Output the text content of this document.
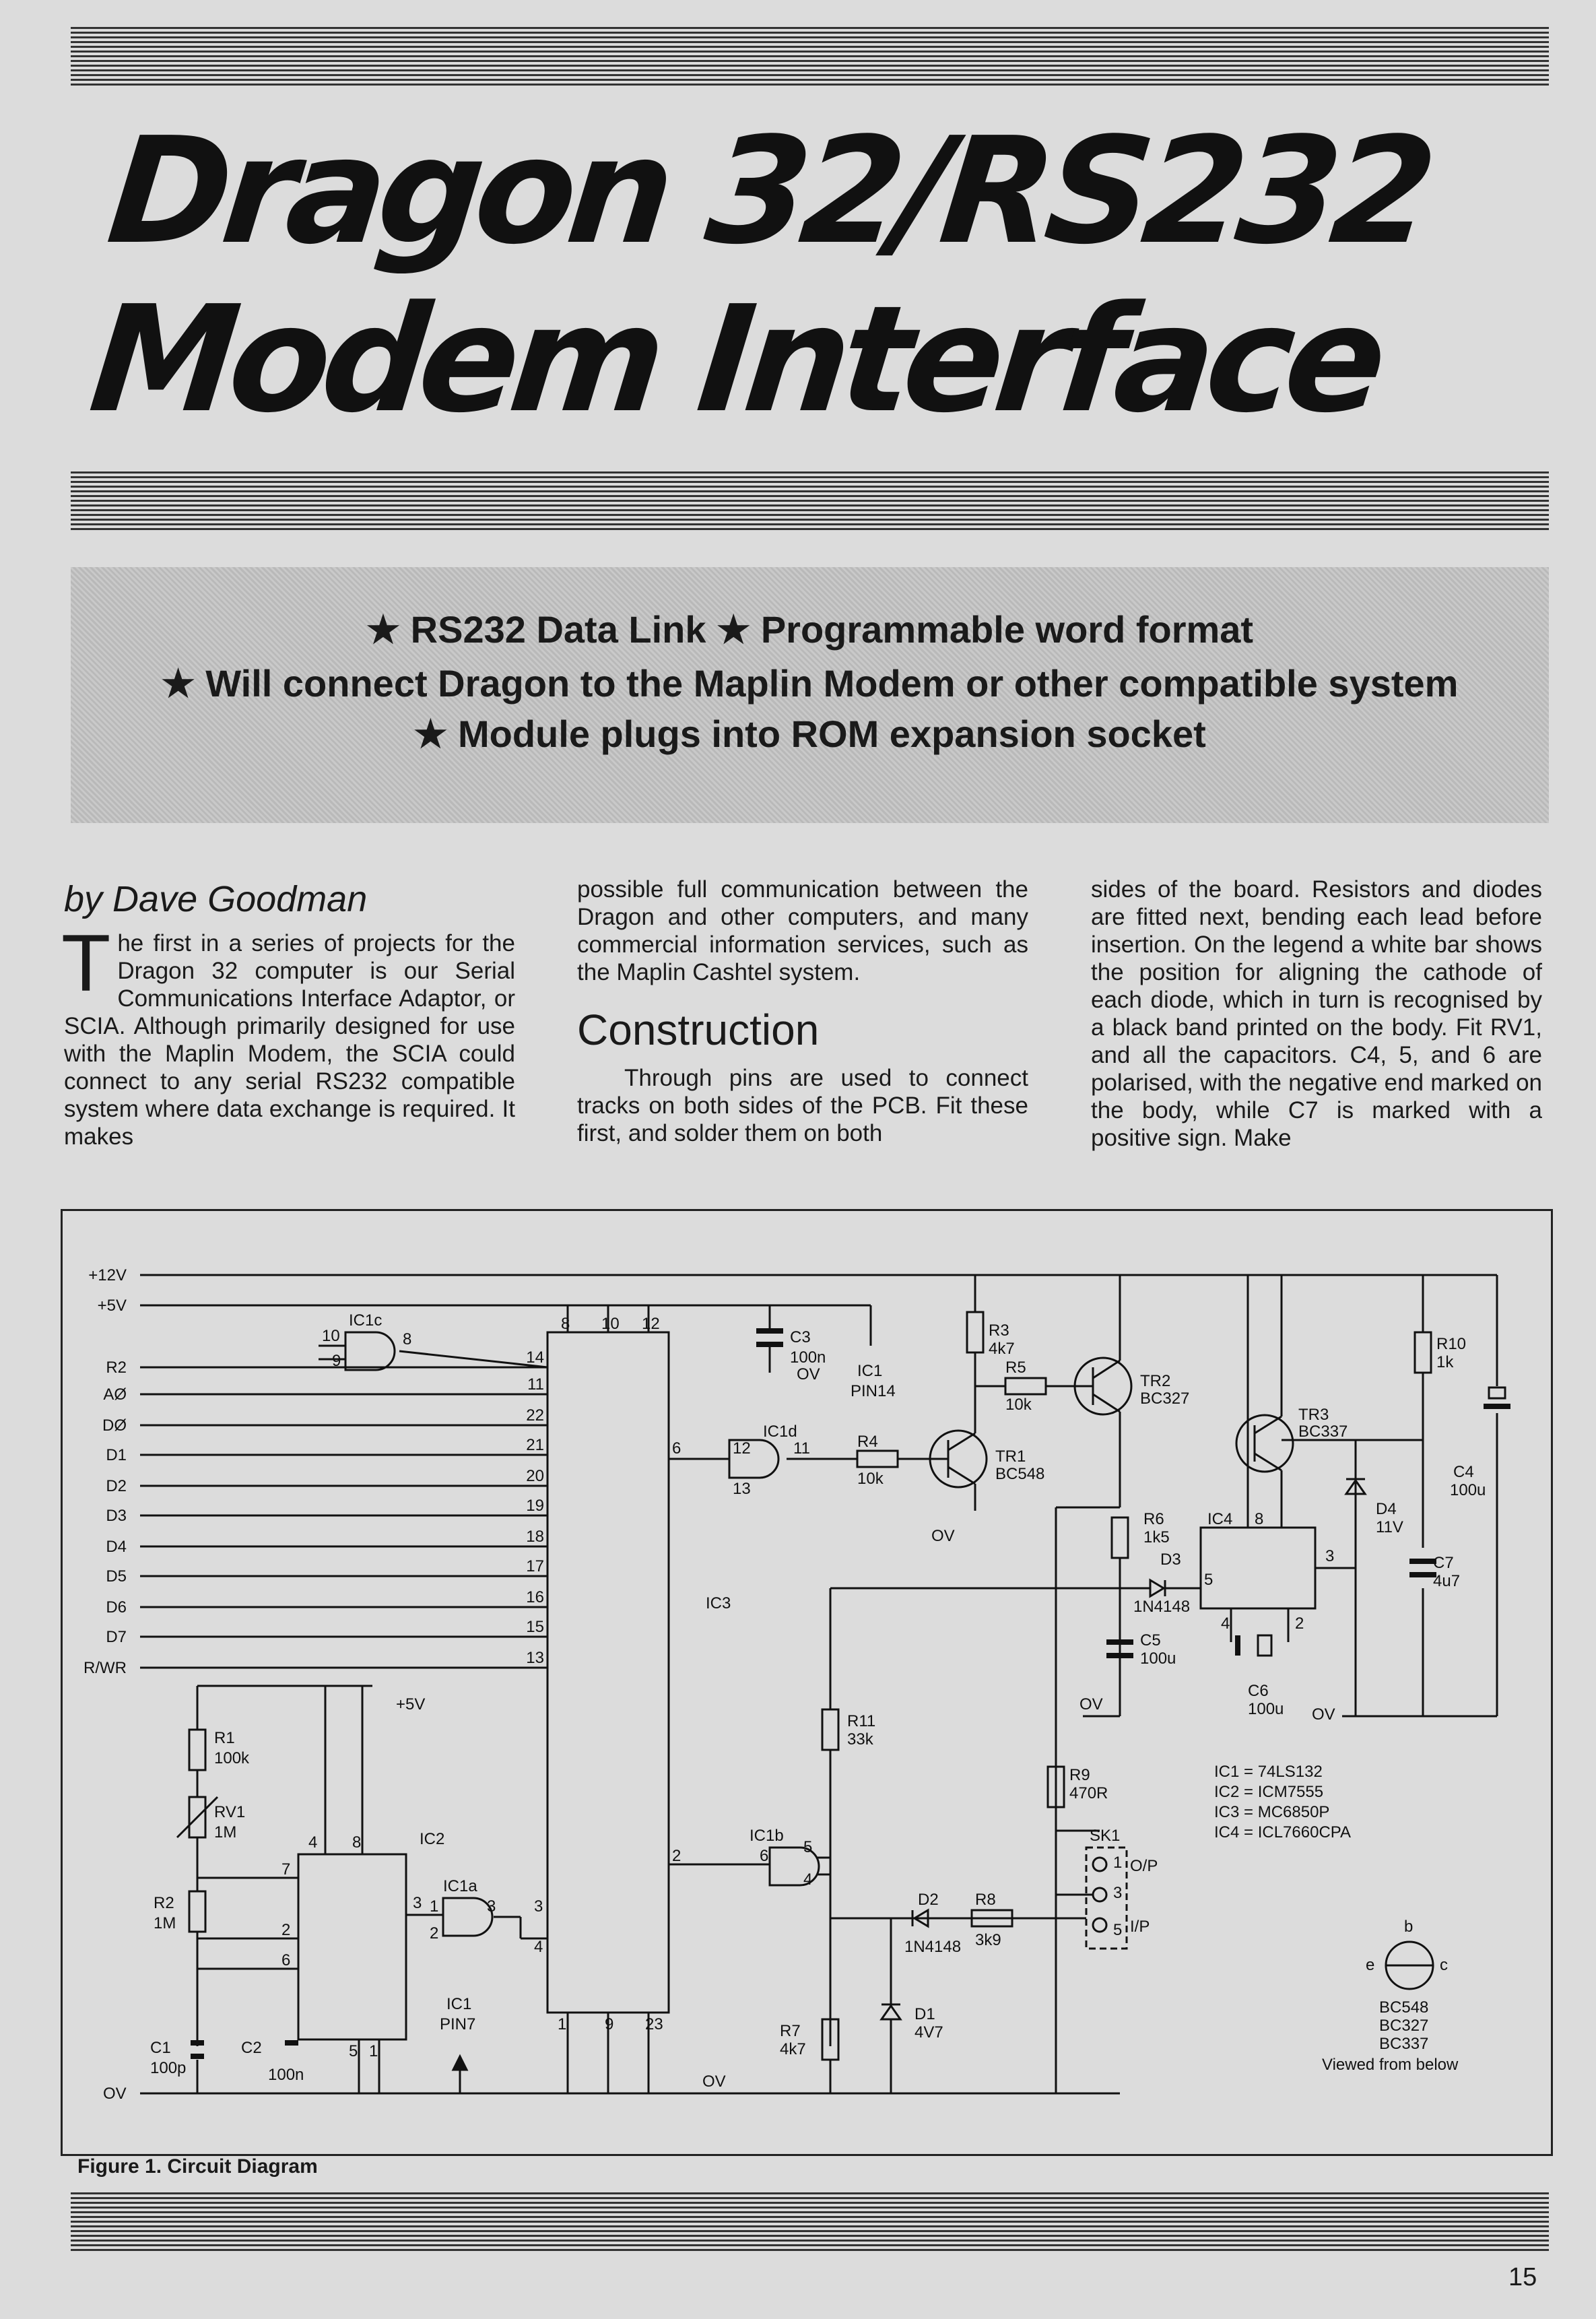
Dragon 32/RS232
Modem Interface
★ RS232 Data Link ★ Programmable word format
★ Will connect Dragon to the Maplin Modem or other compatible system
★ Module plugs into ROM expansion socket
by Dave Goodman

The first in a series of projects for the Dragon 32 computer is our Serial Communications Interface Adaptor, or SCIA. Although primarily designed for use with the Maplin Modem, the SCIA could connect to any serial RS232 compatible system where data exchange is required. It makes

possible full communication between the Dragon and other computers, and many commercial information services, such as the Maplin Cashtel system.

Construction

Through pins are used to connect tracks on both sides of the PCB. Fit these first, and solder them on both

sides of the board. Resistors and diodes are fitted next, bending each lead before insertion. On the legend a white bar shows the position for aligning the cathode of each diode, which in turn is recognised by a black band printed on the body. Fit RV1, and all the capacitors. C4, 5, and 6 are polarised, with the negative end marked on the body, while C7 is marked with a positive sign. Make

+12V
+5V
R2
AØ
DØ
D1
D2
D3
D4
D5
D6
D7
R/WR
14
11
22
21
20
19
18
17
16
15
13
8 10 12
1 9 23
6
3
4
2
IC3
IC1c
10
9
8
IC1d
12
13
11
IC1b
6 5
4
IC1a
1
2
3
IC2
4 8
7
3
2
6
5 1
+5V
C3
100n
OV IC1
PIN14
IC1
PIN7
R1
100k
RV1
1M
R2
1M
C1
100p
C2
100n
R3
4k7
R4
10k
R5
10k
R6
1k5
R7
4k7
R8
3k9
R9
470R
R10
1k
R11
33k
TR1
BC548
TR2
BC327
TR3
BC337
D1
4V7
D2
1N4148
D3
1N4148
D4
11V
C4
100u
C5
100u
C6
100u
C7
4u7
OV
OV
OV
OV
OV
IC4 8
5
3
4	2
SK1
O/P
I/P
1
3
5
IC1 = 74LS132
IC2 = ICM7555
IC3 = MC6850P
IC4 = ICL7660CPA
b
e	c
BC548
BC327
BC337
Viewed from below
Figure 1. Circuit Diagram
15
